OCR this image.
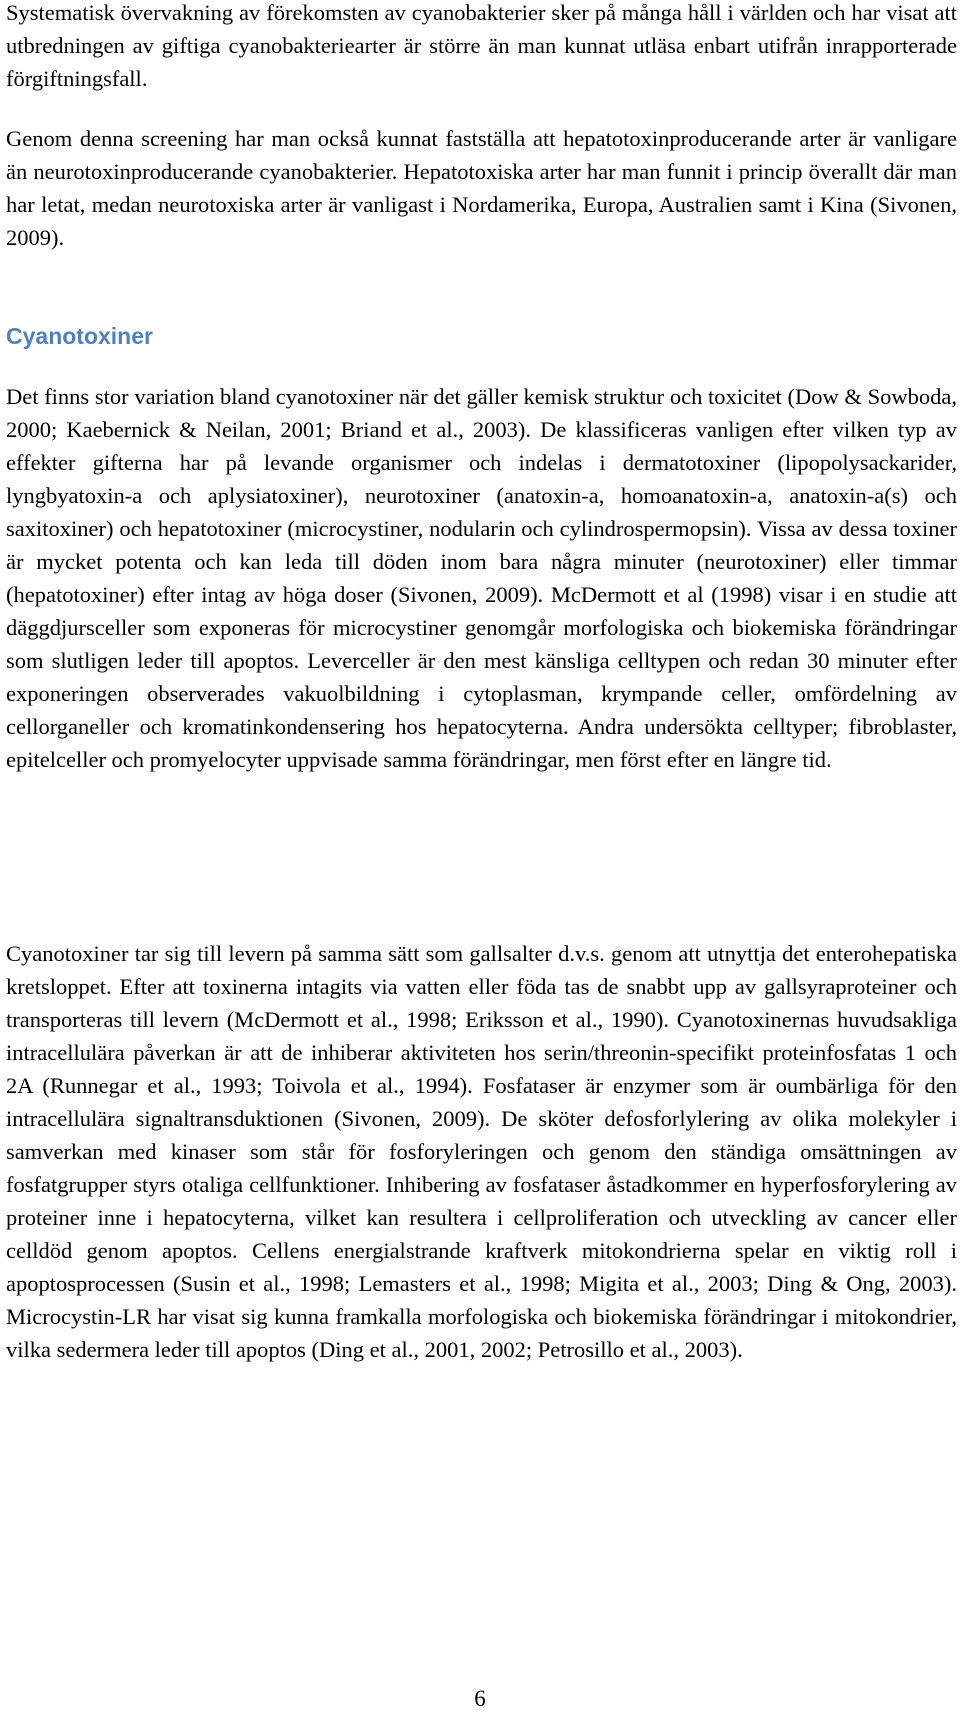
Systematisk övervakning av förekomsten av cyanobakterier sker på många håll i världen och har visat att utbredningen av giftiga cyanobakteriearter är större än man kunnat utläsa enbart utifrån inrapporterade förgiftningsfall.

Genom denna screening har man också kunnat fastställa att hepatotoxinproducerande arter är vanligare än neurotoxinproducerande cyanobakterier. Hepatotoxiska arter har man funnit i princip överallt där man har letat, medan neurotoxiska arter är vanligast i Nordamerika, Europa, Australien samt i Kina (Sivonen, 2009).

Cyanotoxiner

Det finns stor variation bland cyanotoxiner när det gäller kemisk struktur och toxicitet (Dow & Sowboda, 2000; Kaebernick & Neilan, 2001; Briand et al., 2003). De klassificeras vanligen efter vilken typ av effekter gifterna har på levande organismer och indelas i dermatotoxiner (lipopolysackarider, lyngbyatoxin-a och aplysiatoxiner), neurotoxiner (anatoxin-a, homoanatoxin-a, anatoxin-a(s) och saxitoxiner) och hepatotoxiner (microcystiner, nodularin och cylindrospermopsin). Vissa av dessa toxiner är mycket potenta och kan leda till döden inom bara några minuter (neurotoxiner) eller timmar (hepatotoxiner) efter intag av höga doser (Sivonen, 2009). McDermott et al (1998) visar i en studie att däggdjursceller som exponeras för microcystiner genomgår morfologiska och biokemiska förändringar som slutligen leder till apoptos. Leverceller är den mest känsliga celltypen och redan 30 minuter efter exponeringen observerades vakuolbildning i cytoplasman, krympande celler, omfördelning av cellorganeller och kromatinkondensering hos hepatocyterna. Andra undersökta celltyper; fibroblaster, epitelceller och promyelocyter uppvisade samma förändringar, men först efter en längre tid.

Cyanotoxiner tar sig till levern på samma sätt som gallsalter d.v.s. genom att utnyttja det enterohepatiska kretsloppet. Efter att toxinerna intagits via vatten eller föda tas de snabbt upp av gallsyraproteiner och transporteras till levern (McDermott et al., 1998; Eriksson et al., 1990). Cyanotoxinernas huvudsakliga intracellulära påverkan är att de inhiberar aktiviteten hos serin/threonin-specifikt proteinfosfatas 1 och 2A (Runnegar et al., 1993; Toivola et al., 1994). Fosfataser är enzymer som är oumbärliga för den intracellulära signaltransduktionen (Sivonen, 2009). De sköter defosforlylering av olika molekyler i samverkan med kinaser som står för fosforyleringen och genom den ständiga omsättningen av fosfatgrupper styrs otaliga cellfunktioner. Inhibering av fosfataser åstadkommer en hyperfosforylering av proteiner inne i hepatocyterna, vilket kan resultera i cellproliferation och utveckling av cancer eller celldöd genom apoptos. Cellens energialstrande kraftverk mitokondrierna spelar en viktig roll i apoptosprocessen (Susin et al., 1998; Lemasters et al., 1998; Migita et al., 2003; Ding & Ong, 2003). Microcystin-LR har visat sig kunna framkalla morfologiska och biokemiska förändringar i mitokondrier, vilka sedermera leder till apoptos (Ding et al., 2001, 2002; Petrosillo et al., 2003).

6
